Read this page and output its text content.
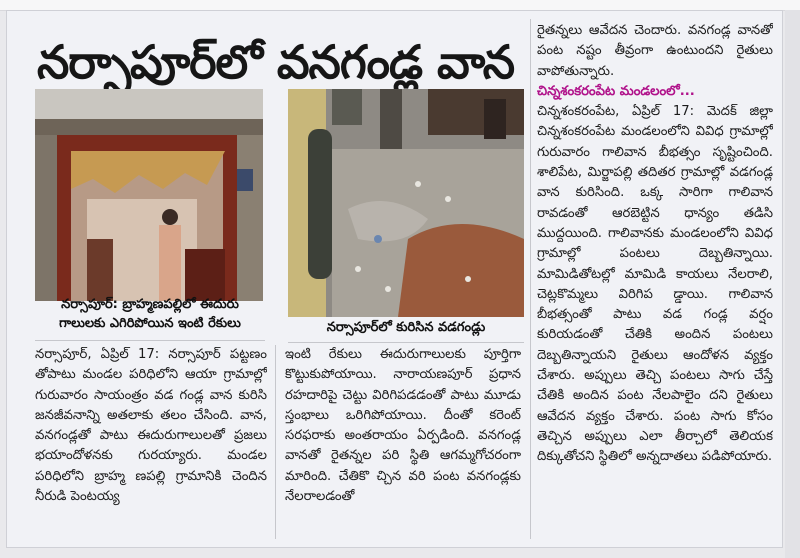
నర్సాపూర్‌లో వనగండ్ల వాన
నర్సాపూర్‌: బ్రాహ్మణపల్లిలో ఈదురు
గాలులకు ఎగిరిపోయిన ఇంటి రేకులు	నర్సాపూర్‌లో కురిసిన వడగండ్లు

నర్సాపూర్‌, ఏప్రిల్‌ 17: నర్సాపూర్‌ పట్టణం తోపాటు మండల పరిధిలోని ఆయా గ్రామాల్లో గురువారం సాయంత్రం వడ గండ్ల వాన కురిసి జనజీవనాన్ని అతలాకు తలం చేసింది. వాన, వనగండ్లతో పాటు ఈదురుగాలులతో ప్రజలు భయాందోళనకు గురయ్యారు. మండల పరిధిలోని బ్రాహ్మ ణపల్లి గ్రామానికి చెందిన నీరుడి పెంటయ్య

ఇంటి రేకులు ఈదురుగాలులకు పూర్తిగా కొట్టుకుపోయాయి. నారాయణపూర్‌ ప్రధాన రహదారిపై చెట్టు విరిగిపడడంతో పాటు మూడు స్తంభాలు ఒరిగిపోయాయి. దీంతో కరెంట్‌ సరఫరాకు అంతరాయం ఏర్పడింది. వనగండ్ల వానతో రైతన్నల పరి స్థితి ఆగమ్మగోచరంగా మారింది. చేతికొ చ్చిన వరి పంట వనగండ్లకు నేలరాలడంతో

రైతన్నలు ఆవేదన చెందారు. వనగండ్ల వానతో పంట నష్టం తీవ్రంగా ఉంటుందని రైతులు వాపోతున్నారు.

చిన్నశంకరంపేట మండలంలో...

చిన్నశంకరంపేట, ఏప్రిల్‌ 17: మెదక్‌ జిల్లా చిన్నశంకరంపేట మండలంలోని వివిధ గ్రామాల్లో గురువారం గాలివాన బీభత్సం సృష్టించింది. శాలిపేట, మిర్జాపల్లి తదితర గ్రామాల్లో వడగండ్ల వాన కురిసింది. ఒక్క సారిగా గాలివాన రావడంతో ఆరబెట్టిన ధాన్యం తడిసి ముద్దయింది. గాలివానకు మండలంలోని వివిధ గ్రామాల్లో పంటలు దెబ్బతిన్నాయి. మామిడితోటల్లో మామిడి కాయలు నేలరాలి, చెట్లకొమ్మలు విరిగిప డ్డాయి. గాలివాన బీభత్సంతో పాటు వడ గండ్ల వర్షం కురియడంతో చేతికి అందిన పంటలు దెబ్బతిన్నాయని రైతులు ఆందోళన వ్యక్తం చేశారు. అప్పులు తెచ్చి పంటలు సాగు చేస్తే చేతికి అందిన పంట నేలపాలైం దని రైతులు ఆవేదన వ్యక్తం చేశారు. పంట సాగు కోసం తెచ్చిన అప్పులు ఎలా తీర్చాలో తెలియక దిక్కుతోచని స్థితిలో అన్నదాతలు పడిపోయారు.
